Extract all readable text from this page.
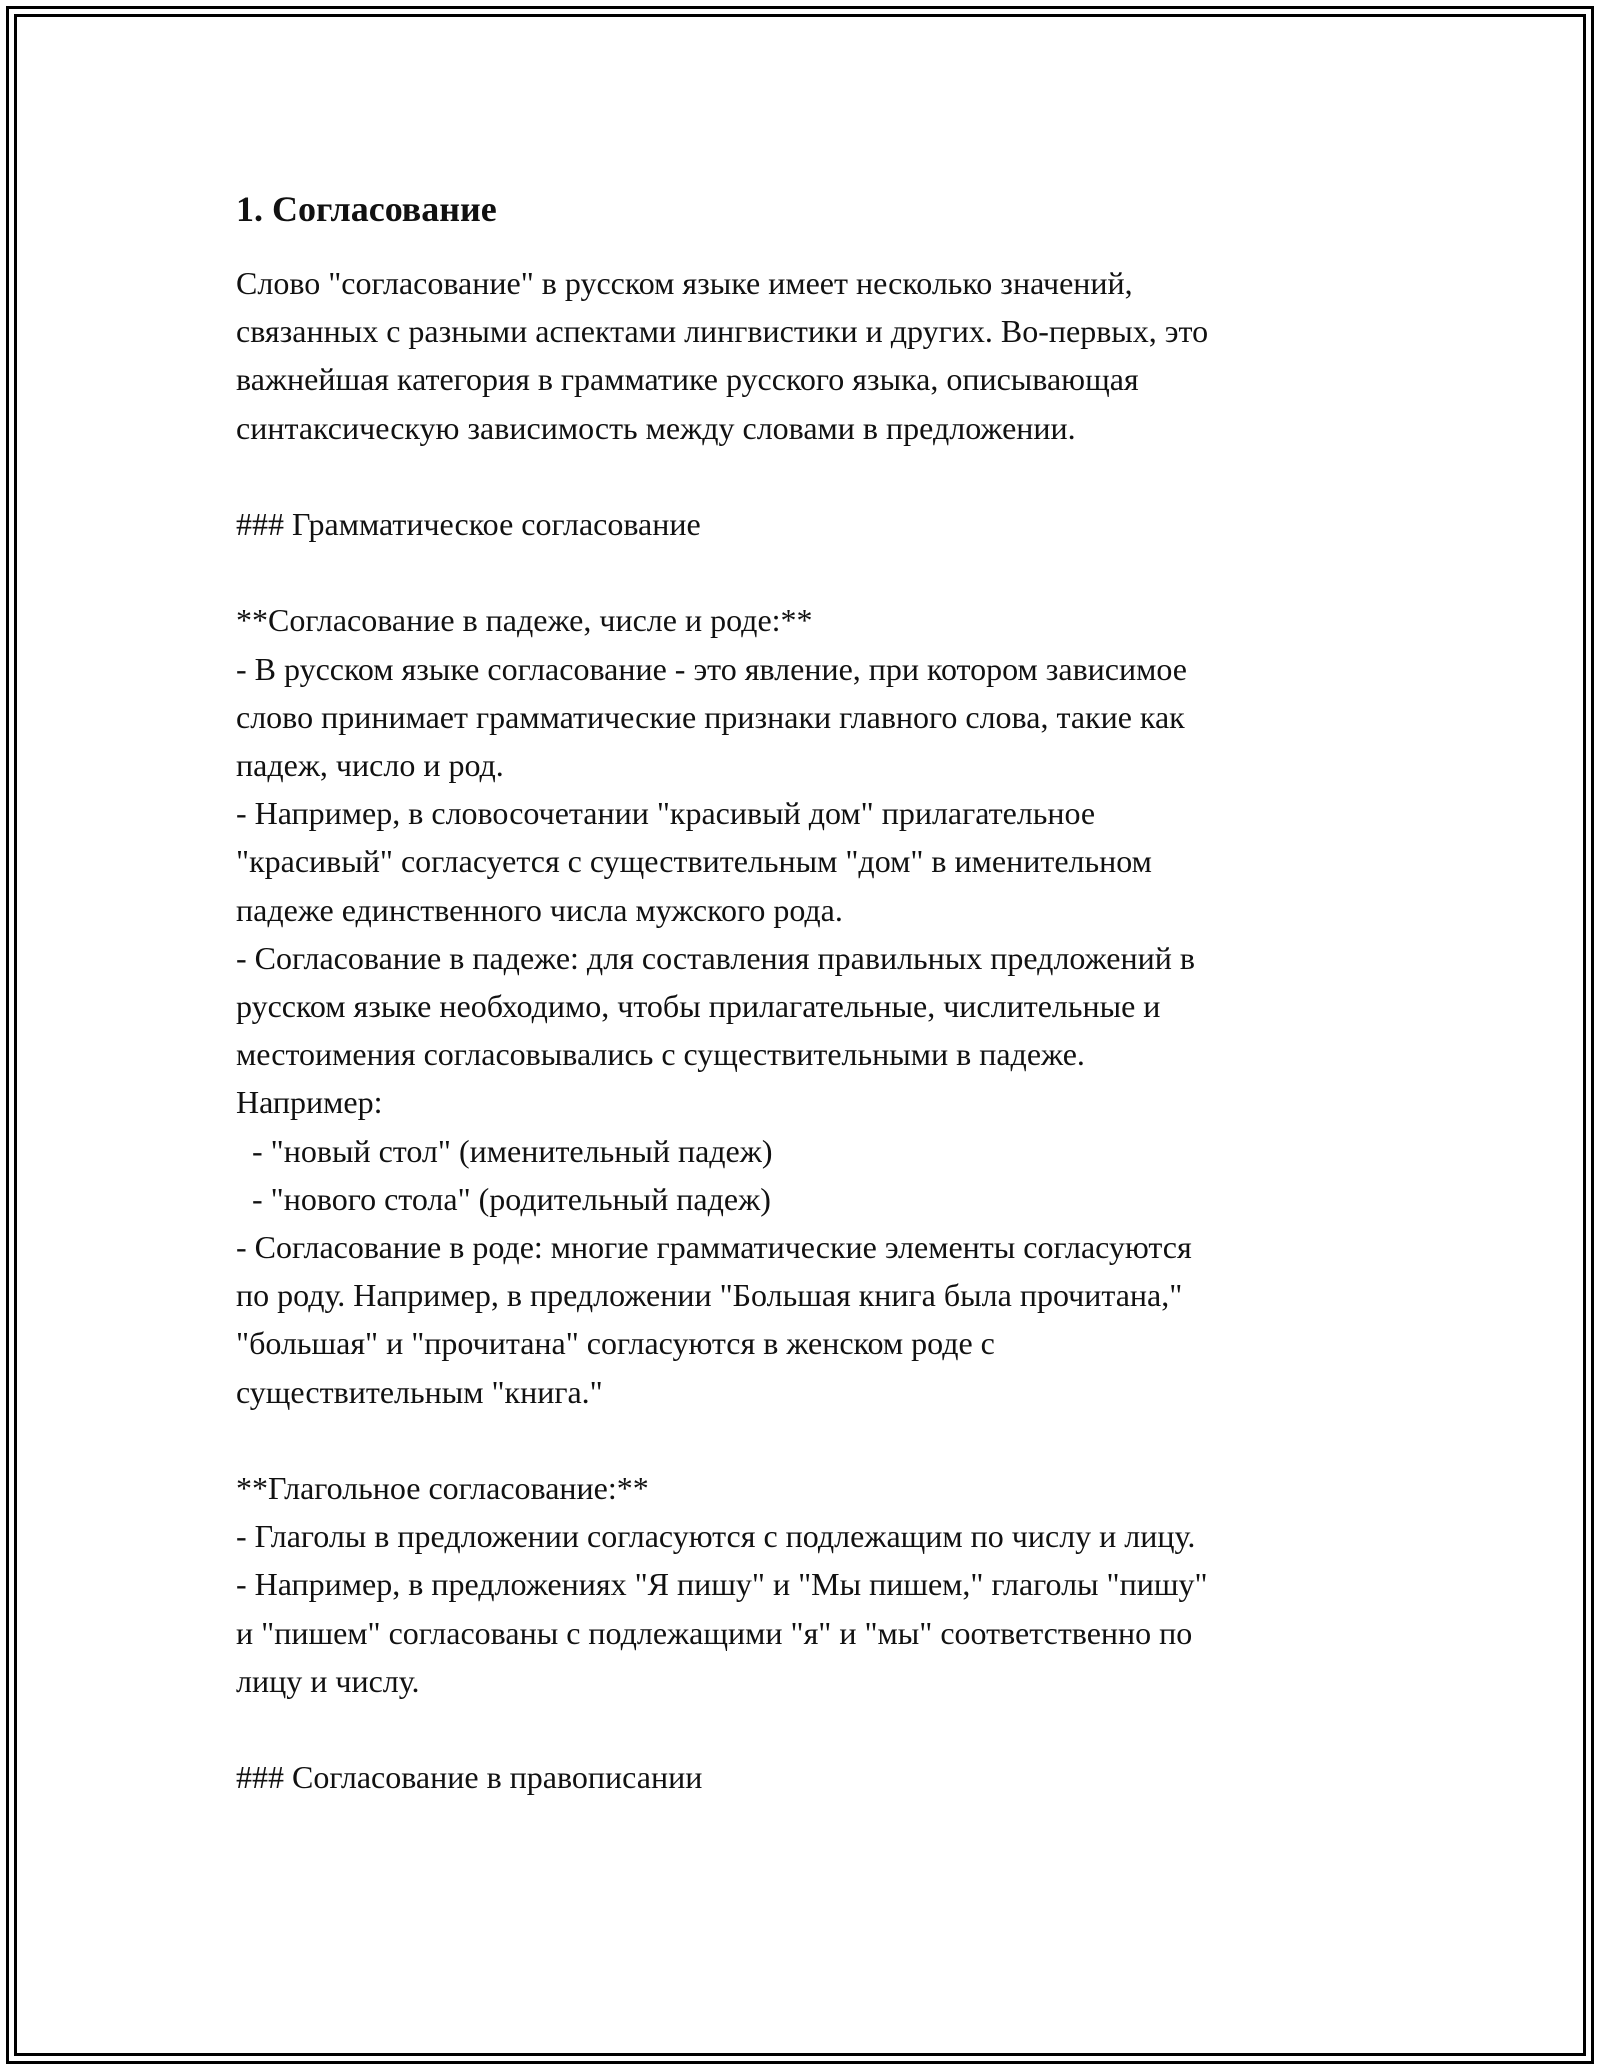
1. Согласование

Слово "согласование" в русском языке имеет несколько значений,

связанных с разными аспектами лингвистики и других. Во-первых, это

важнейшая категория в грамматике русского языка, описывающая

синтаксическую зависимость между словами в предложении.

### Грамматическое согласование

**Согласование в падеже, числе и роде:**

- В русском языке согласование - это явление, при котором зависимое

слово принимает грамматические признаки главного слова, такие как

падеж, число и род.

- Например, в словосочетании "красивый дом" прилагательное

"красивый" согласуется с существительным "дом" в именительном

падеже единственного числа мужского рода.

- Согласование в падеже: для составления правильных предложений в

русском языке необходимо, чтобы прилагательные, числительные и

местоимения согласовывались с существительными в падеже.

Например:

- "новый стол" (именительный падеж)

- "нового стола" (родительный падеж)

- Согласование в роде: многие грамматические элементы согласуются

по роду. Например, в предложении "Большая книга была прочитана,"

"большая" и "прочитана" согласуются в женском роде с

существительным "книга."

**Глагольное согласование:**

- Глаголы в предложении согласуются с подлежащим по числу и лицу.

- Например, в предложениях "Я пишу" и "Мы пишем," глаголы "пишу"

и "пишем" согласованы с подлежащими "я" и "мы" соответственно по

лицу и числу.

### Согласование в правописании
